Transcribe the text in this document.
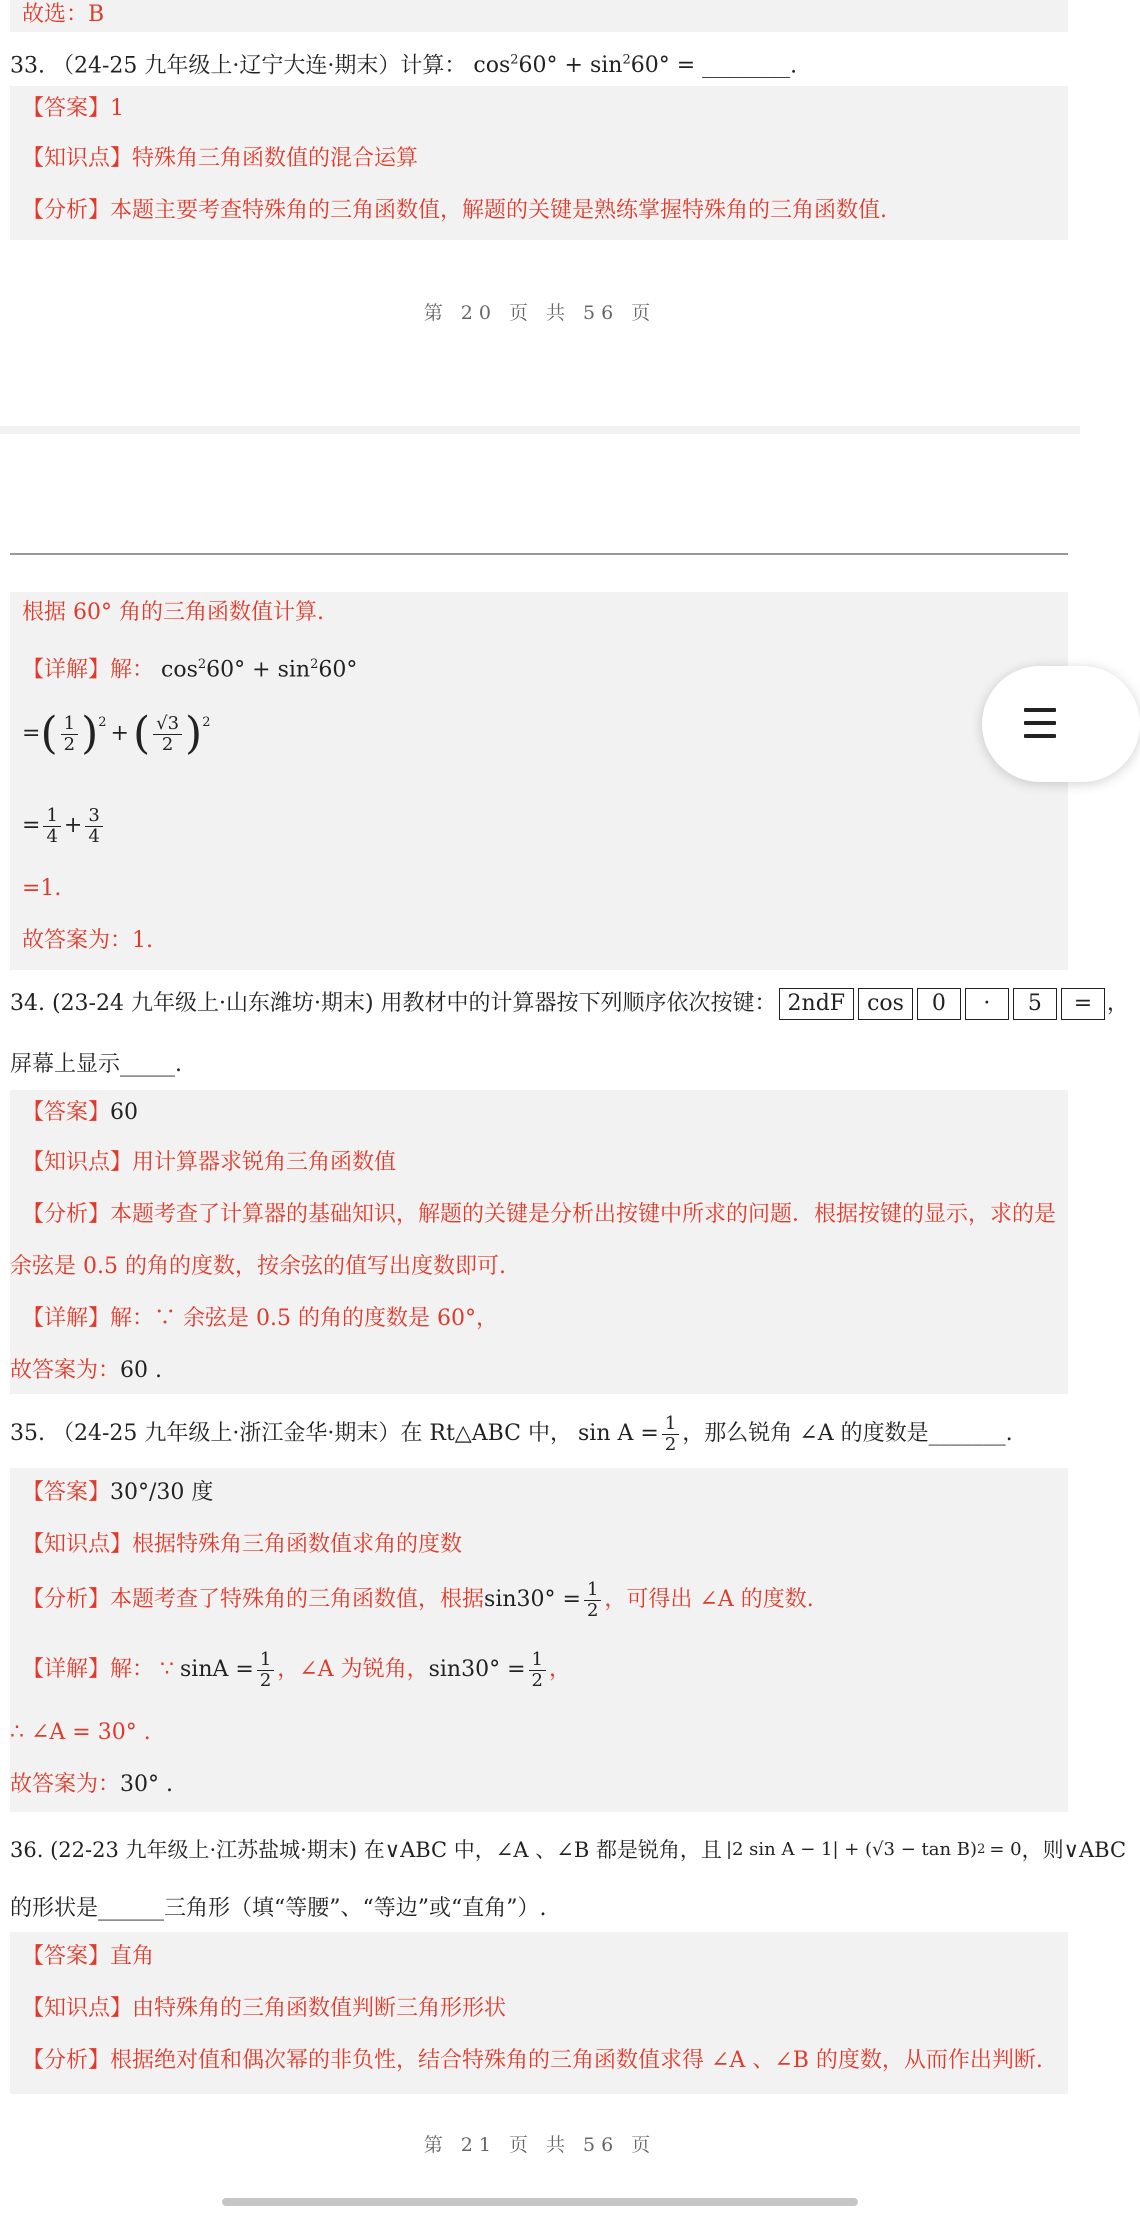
故选：B
33. （24-25 九年级上·辽宁大连·期末）计算： $\cos^260^\circ + \sin^260^\circ$ = ________.
【答案】1
【知识点】特殊角三角函数值的混合运算
【分析】本题主要考查特殊角的三角函数值，解题的关键是熟练掌握特殊角的三角函数值.
第 20 页 共 56 页
根据 60° 角的三角函数值计算.
【详解】解： $\cos^260^\circ + \sin^260^\circ$
= ( $\frac{1}{2} )^2$ + ( $\frac{√3}{2} )^2$
= $\frac{1}{4} + \frac{3}{4}$
=1.
故答案为：1.
34. (23-24 九年级上·山东潍坊·期末) 用教材中的计算器按下列顺序依次按键： 2ndF	cos	0	·	5	= ，
屏幕上显示_____.
【答案】60
【知识点】用计算器求锐角三角函数值
【分析】本题考查了计算器的基础知识，解题的关键是分析出按键中所求的问题．根据按键的显示，求的是
余弦是 0.5 的角的度数，按余弦的值写出度数即可.
【详解】解：∵ 余弦是 0.5 的角的度数是 60°，
故答案为：60 .
35. （24-25 九年级上·浙江金华·期末）在 Rt△ABC 中， $\sin A = \frac{1}{2}$ ，那么锐角 ∠A 的度数是_______.
【答案】30°/30 度
【知识点】根据特殊角三角函数值求角的度数
【分析】 本题考查了特殊角的三角函数值，根据 $\sin 30^\circ = \frac{1}{2}$ ，可得出 ∠A 的度数.
【详解】解： ∵ $\sin A = \frac{1}{2}$ ，∠A 为锐角， $\sin 30^\circ = \frac{1}{2}$ ，
∴ ∠A = 30° .
故答案为：30° .
36. (22-23 九年级上·江苏盐城·期末) 在∨ABC 中，∠A 、∠B 都是锐角，且 |2 sin A − 1| + (√3 − tan B) 2 = 0 ，则∨ABC
的形状是______三角形（填“等腰”、“等边”或“直角”）.
【答案】直角
【知识点】由特殊角的三角函数值判断三角形形状
【分析】根据绝对值和偶次幂的非负性，结合特殊角的三角函数值求得 ∠A 、∠B 的度数，从而作出判断.
第 21 页 共 56 页
